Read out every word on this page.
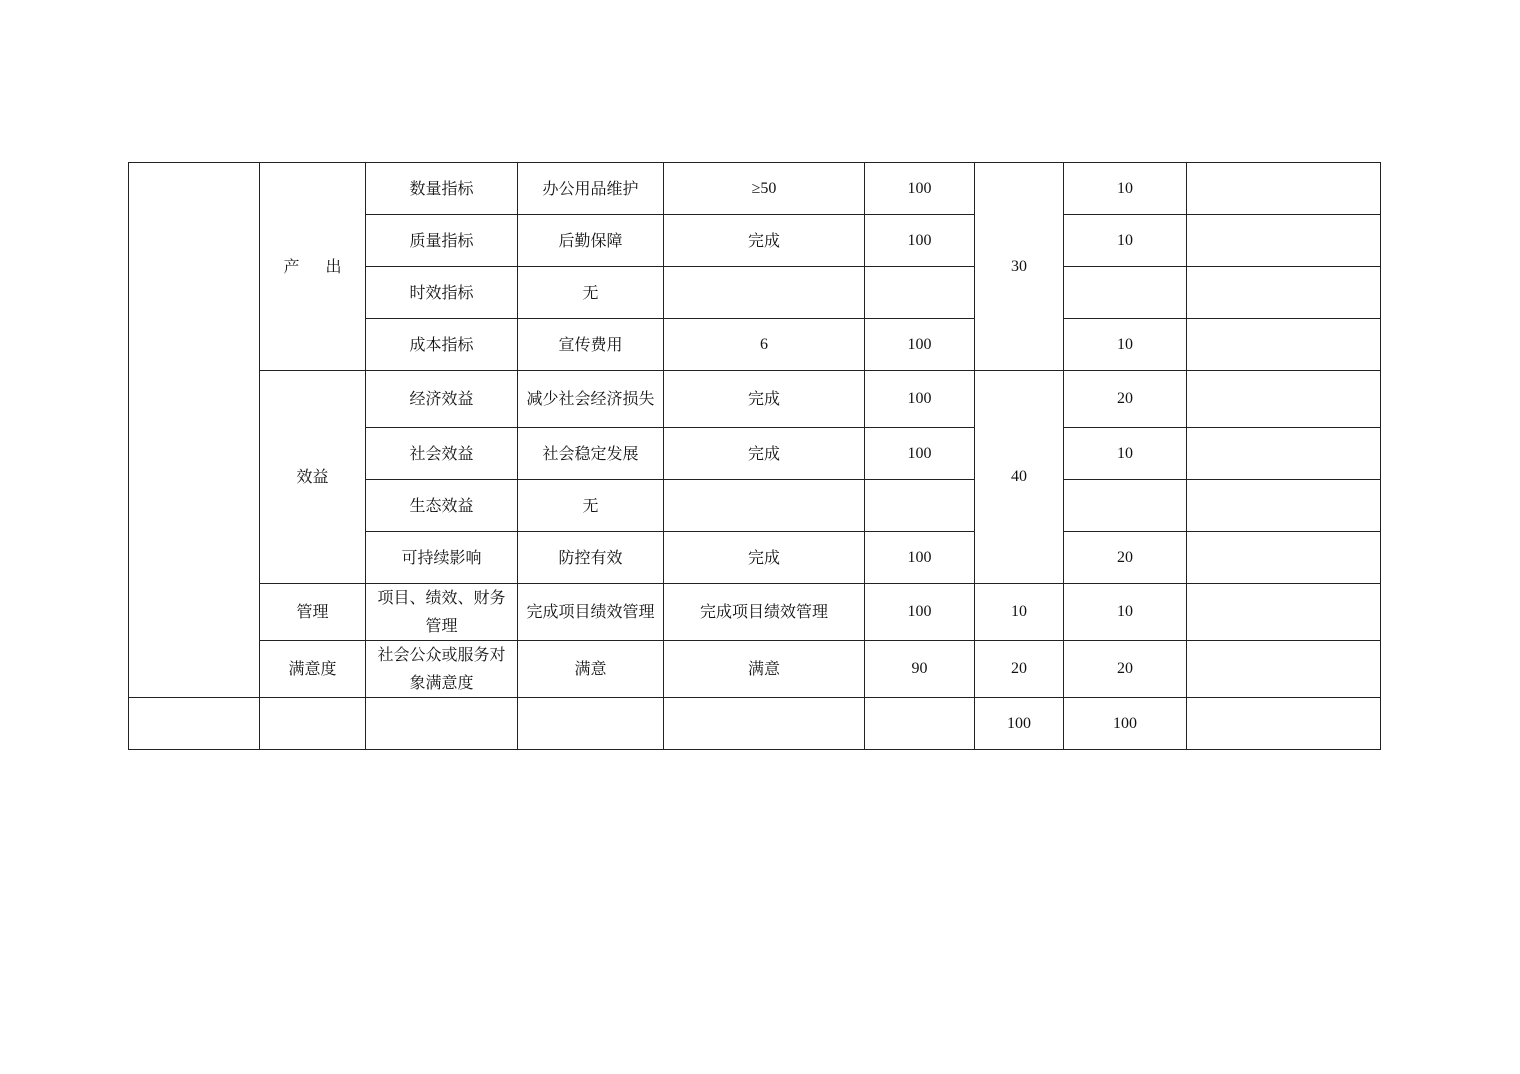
	产 出	数量指标	办公用品维护	≥50	100	30	10	
		质量指标	后勤保障	完成	100		10	
		时效指标	无					
		成本指标	宣传费用	6	100		10	
	效益	经济效益	减少社会经济损失	完成	100	40	20	
		社会效益	社会稳定发展	完成	100		10	
		生态效益	无					
		可持续影响	防控有效	完成	100		20	
	管理	项目、绩效、财务管理	完成项目绩效管理	完成项目绩效管理	100	10	10	
	满意度	社会公众或服务对象满意度	满意	满意	90	20	20	
						100	100	
